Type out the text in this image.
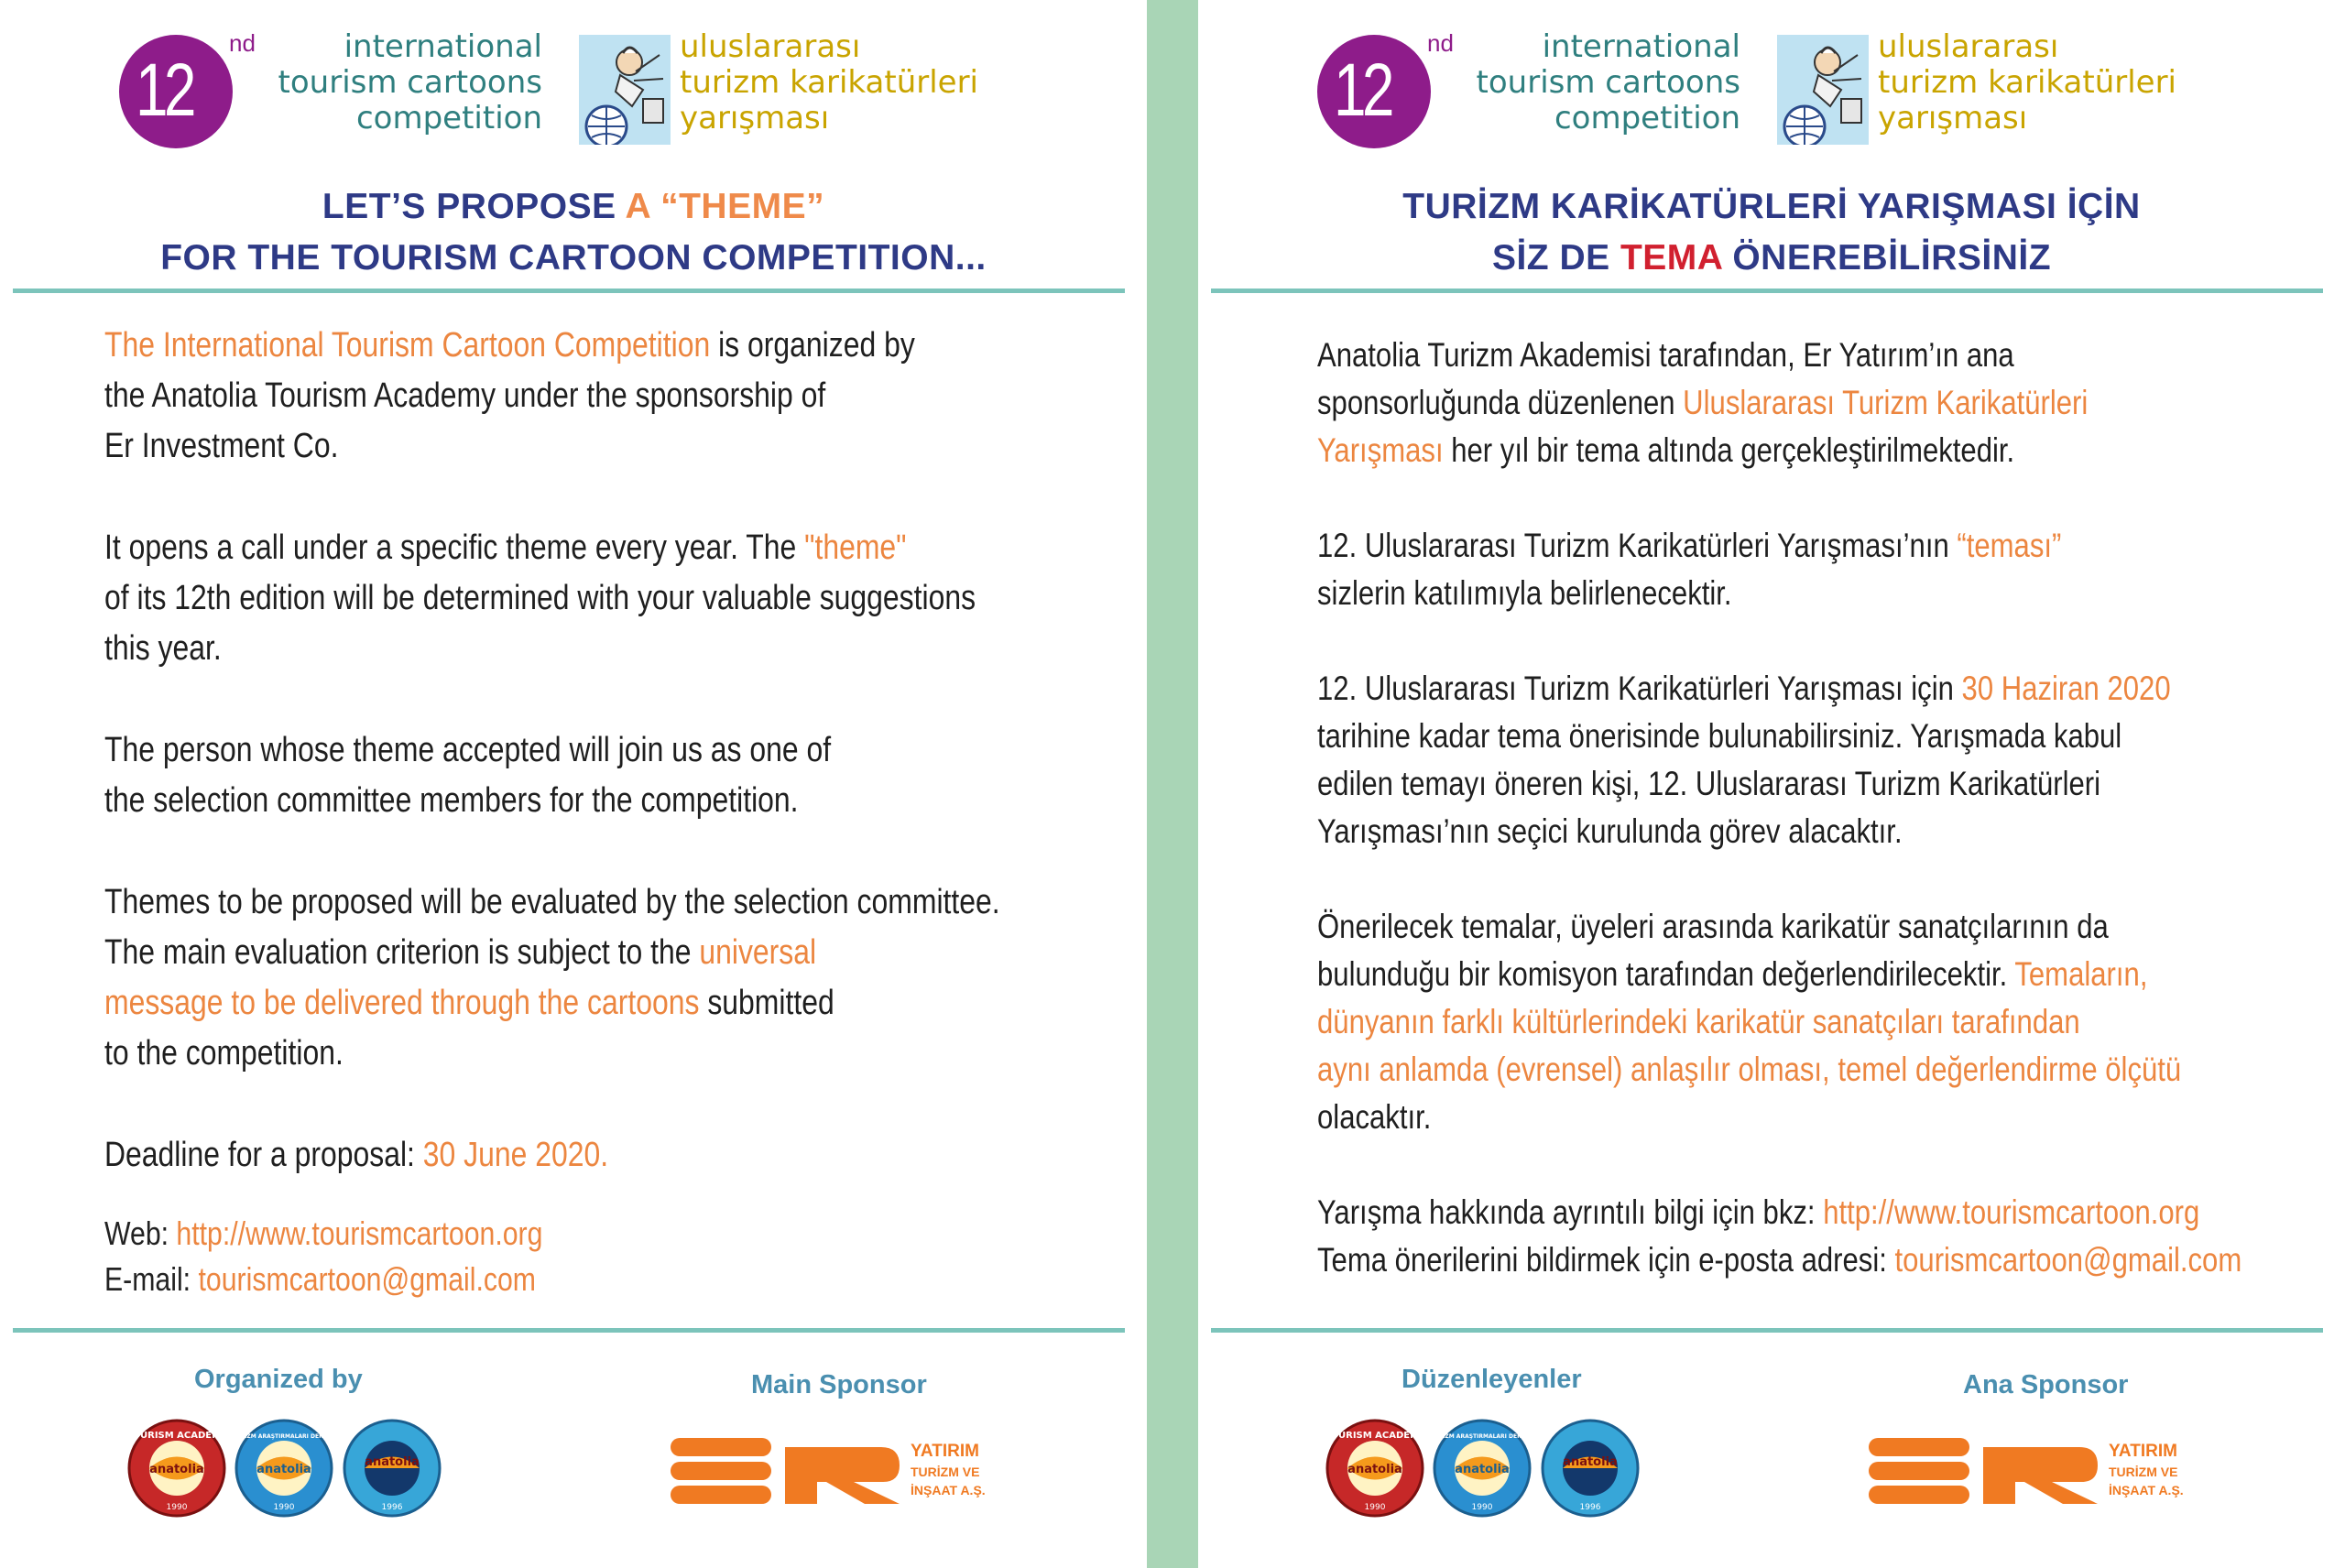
12
nd	international
tourism cartoons
competition
uluslararası
turizm karikatürleri
yarışması
LET’S PROPOSE A “THEME”
FOR THE TOURISM CARTOON COMPETITION...
The International Tourism Cartoon Competition is organized by
the Anatolia Tourism Academy under the sponsorship of
Er Investment Co.
It opens a call under a specific theme every year. The "theme"
of its 12th edition will be determined with your valuable suggestions
this year.
The person whose theme accepted will join us as one of
the selection committee members for the competition.
Themes to be proposed will be evaluated by the selection committee.
The main evaluation criterion is subject to the universal
message to be delivered through the cartoons submitted
to the competition.
Deadline for a proposal: 30 June 2020.
Web: http://www.tourismcartoon.org
E-mail: tourismcartoon@gmail.com
Organized by	Main Sponsor
anatolia
TOURISM ACADEMY
1990
anatolia
TURİZM ARAŞTIRMALARI DERGİSİ
1990
anatolia
1996
YATIRIM
TURİZM VE
İNŞAAT A.Ş.
12
nd	international
tourism cartoons
competition
uluslararası
turizm karikatürleri
yarışması
TURİZM KARİKATÜRLERİ YARIŞMASI İÇİN
SİZ DE TEMA ÖNEREBİLİRSİNİZ
Anatolia Turizm Akademisi tarafından, Er Yatırım’ın ana
sponsorluğunda düzenlenen Uluslararası Turizm Karikatürleri
Yarışması her yıl bir tema altında gerçekleştirilmektedir.
12. Uluslararası Turizm Karikatürleri Yarışması’nın “teması”
sizlerin katılımıyla belirlenecektir.
12. Uluslararası Turizm Karikatürleri Yarışması için 30 Haziran 2020
tarihine kadar tema önerisinde bulunabilirsiniz. Yarışmada kabul
edilen temayı öneren kişi, 12. Uluslararası Turizm Karikatürleri
Yarışması’nın seçici kurulunda görev alacaktır.
Önerilecek temalar, üyeleri arasında karikatür sanatçılarının da
bulunduğu bir komisyon tarafından değerlendirilecektir. Temaların,
dünyanın farklı kültürlerindeki karikatür sanatçıları tarafından
aynı anlamda (evrensel) anlaşılır olması, temel değerlendirme ölçütü
olacaktır.
Yarışma hakkında ayrıntılı bilgi için bkz: http://www.tourismcartoon.org
Tema önerilerini bildirmek için e-posta adresi: tourismcartoon@gmail.com
Düzenleyenler	Ana Sponsor
anatolia
TOURISM ACADEMY
1990
anatolia
TURİZM ARAŞTIRMALARI DERGİSİ
1990
anatolia
1996
YATIRIM
TURİZM VE
İNŞAAT A.Ş.
